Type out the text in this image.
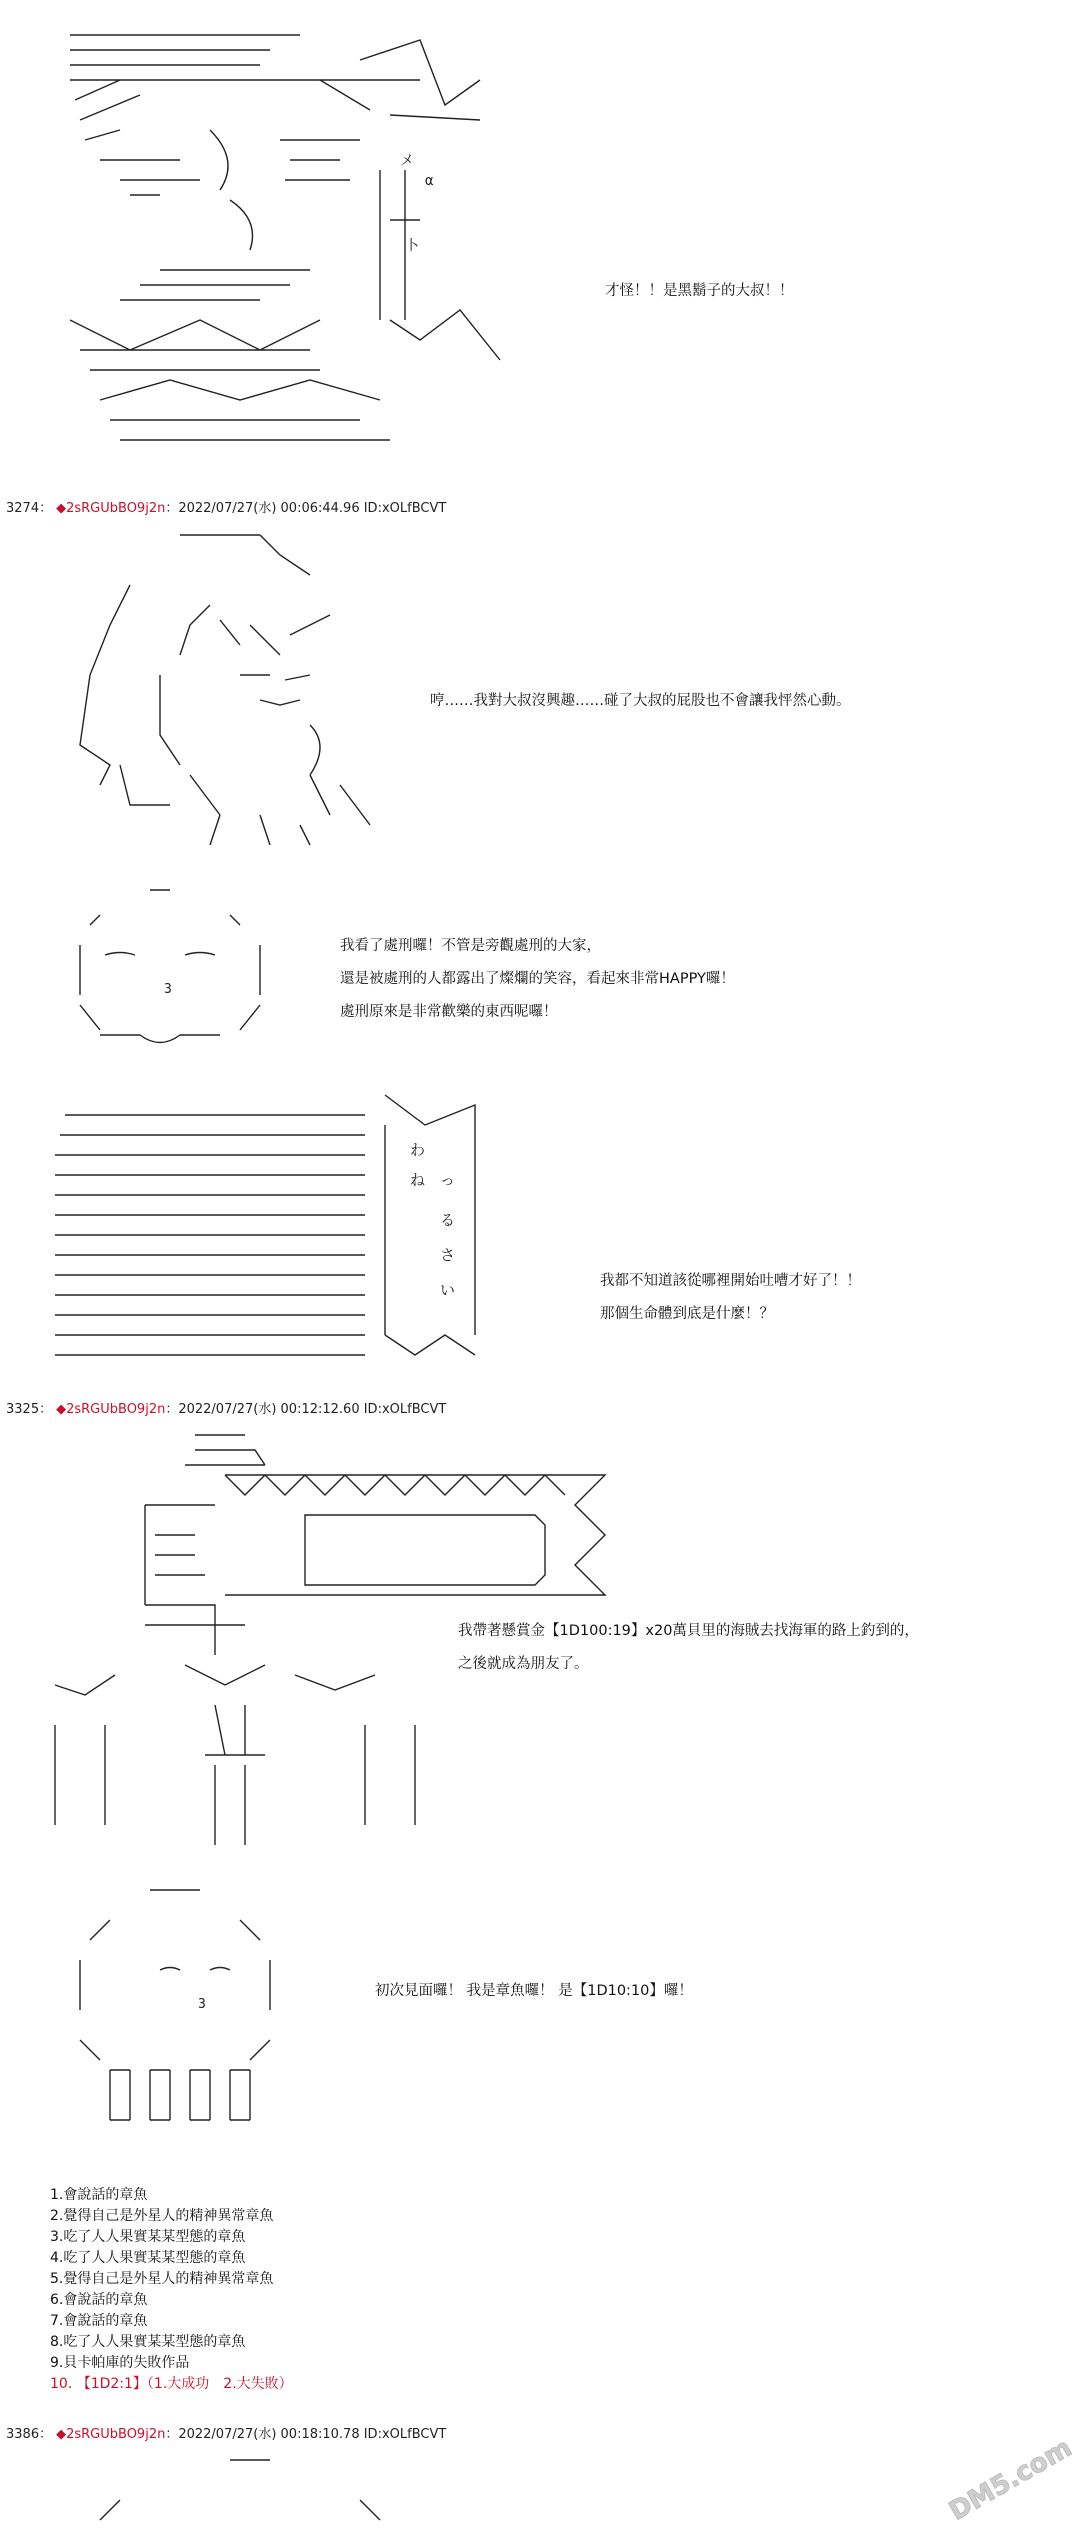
メ
α
卜
才怪！！是黑鬍子的大叔！！
3274： ◆2sRGUbBO9j2n：2022/07/27(水) 00:06:44.96 ID:xOLfBCVT
哼……我對大叔沒興趣……碰了大叔的屁股也不會讓我怦然心動。
3
我看了處刑囉！不管是旁觀處刑的大家，
還是被處刑的人都露出了燦爛的笑容，看起來非常HAPPY囉！
處刑原來是非常歡樂的東西呢囉！
わ
ね っ
る
さ
い	我都不知道該從哪裡開始吐嘈才好了！！
那個生命體到底是什麼！？
3325： ◆2sRGUbBO9j2n：2022/07/27(水) 00:12:12.60 ID:xOLfBCVT
我帶著懸賞金【1D100:19】x20萬貝里的海賊去找海軍的路上釣到的，
之後就成為朋友了。
3
初次見面囉！ 我是章魚囉！ 是【1D10:10】囉！
1.會說話的章魚
2.覺得自己是外星人的精神異常章魚
3.吃了人人果實某某型態的章魚
4.吃了人人果實某某型態的章魚
5.覺得自己是外星人的精神異常章魚
6.會說話的章魚
7.會說話的章魚
8.吃了人人果實某某型態的章魚
9.貝卡帕庫的失敗作品
10. 【1D2:1】（1.大成功　2.大失敗）
3386： ◆2sRGUbBO9j2n：2022/07/27(水) 00:18:10.78 ID:xOLfBCVT	DM5.com
